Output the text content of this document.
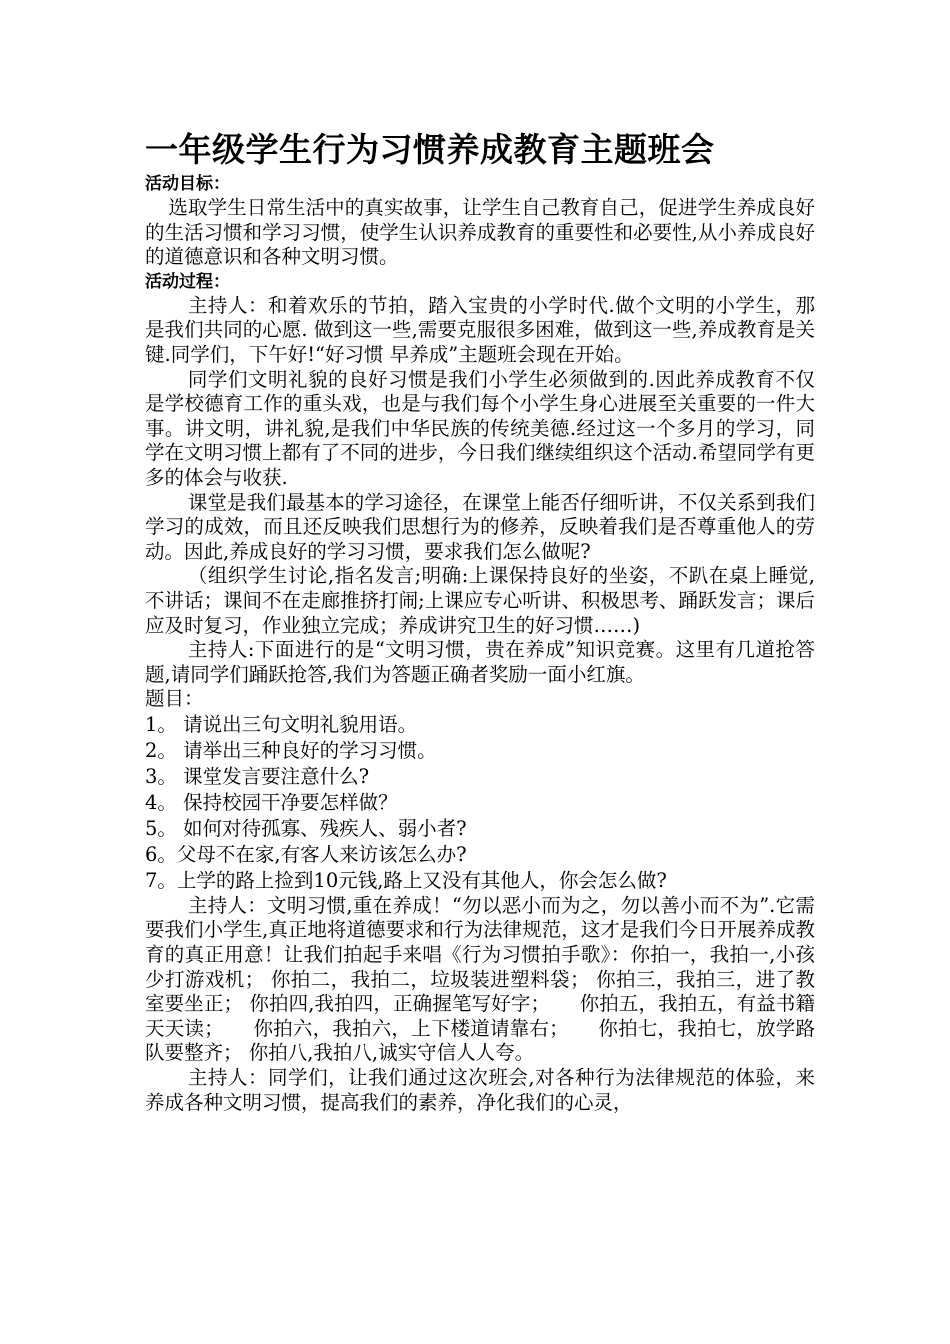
一年级学生行为习惯养成教育主题班会
活动目标：

选取学生日常生活中的真实故事，让学生自己教育自己，促进学生养成良好的生活习惯和学习习惯，使学生认识养成教育的重要性和必要性,从小养成良好的道德意识和各种文明习惯。

活动过程：

主持人：和着欢乐的节拍，踏入宝贵的小学时代.做个文明的小学生，那是我们共同的心愿. 做到这一些,需要克服很多困难，做到这一些,养成教育是关键.同学们，下午好!“好习惯 早养成”主题班会现在开始。

同学们文明礼貌的良好习惯是我们小学生必须做到的.因此养成教育不仅是学校德育工作的重头戏，也是与我们每个小学生身心进展至关重要的一件大事。讲文明，讲礼貌,是我们中华民族的传统美德.经过这一个多月的学习，同学在文明习惯上都有了不同的进步，今日我们继续组织这个活动.希望同学有更多的体会与收获.

课堂是我们最基本的学习途径，在课堂上能否仔细听讲，不仅关系到我们学习的成效，而且还反映我们思想行为的修养，反映着我们是否尊重他人的劳动。因此,养成良好的学习习惯，要求我们怎么做呢?

（组织学生讨论,指名发言;明确:上课保持良好的坐姿，不趴在桌上睡觉,不讲话；课间不在走廊推挤打闹;上课应专心听讲、积极思考、踊跃发言；课后应及时复习，作业独立完成；养成讲究卫生的好习惯……)

主持人:下面进行的是“文明习惯，贵在养成”知识竞赛。这里有几道抢答题,请同学们踊跃抢答,我们为答题正确者奖励一面小红旗。

题目：
1。 请说出三句文明礼貌用语。
2。 请举出三种良好的学习习惯。
3。 课堂发言要注意什么?
4。 保持校园干净要怎样做？
5。 如何对待孤寡、残疾人、弱小者?
6。父母不在家,有客人来访该怎么办?
7。上学的路上捡到10元钱,路上又没有其他人，你会怎么做?

主持人：文明习惯,重在养成！“勿以恶小而为之，勿以善小而不为”.它需要我们小学生,真正地将道德要求和行为法律规范，这才是我们今日开展养成教育的真正用意！让我们拍起手来唱《行为习惯拍手歌》：你拍一，我拍一,小孩少打游戏机； 你拍二，我拍二，垃圾装进塑料袋； 你拍三，我拍三，进了教室要坐正； 你拍四,我拍四，正确握笔写好字；　　你拍五，我拍五，有益书籍天天读；　　你拍六，我拍六，上下楼道请靠右；　　你拍七，我拍七，放学路队要整齐； 你拍八,我拍八,诚实守信人人夸。

主持人：同学们，让我们通过这次班会,对各种行为法律规范的体验，来养成各种文明习惯，提高我们的素养，净化我们的心灵，
